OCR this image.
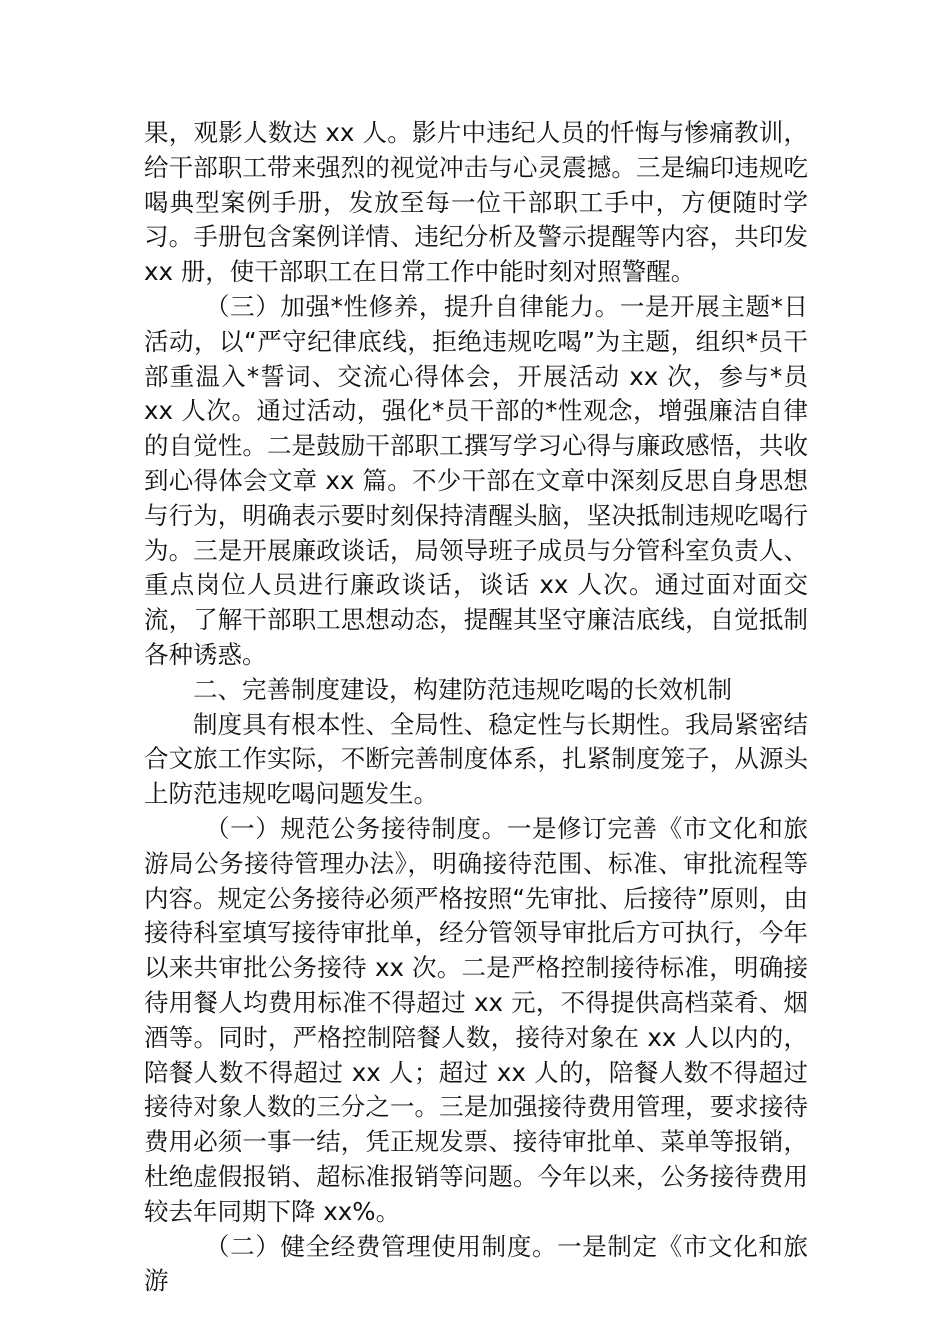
果，观影人数达 xx 人。影片中违纪人员的忏悔与惨痛教训，给干部职工带来强烈的视觉冲击与心灵震撼。三是编印违规吃喝典型案例手册，发放至每一位干部职工手中，方便随时学习。手册包含案例详情、违纪分析及警示提醒等内容，共印发 xx 册，使干部职工在日常工作中能时刻对照警醒。

（三）加强*性修养，提升自律能力。一是开展主题*日活动，以“严守纪律底线，拒绝违规吃喝”为主题，组织*员干部重温入*誓词、交流心得体会，开展活动 xx 次，参与*员 xx 人次。通过活动，强化*员干部的*性观念，增强廉洁自律的自觉性。二是鼓励干部职工撰写学习心得与廉政感悟，共收到心得体会文章 xx 篇。不少干部在文章中深刻反思自身思想与行为，明确表示要时刻保持清醒头脑，坚决抵制违规吃喝行为。三是开展廉政谈话，局领导班子成员与分管科室负责人、重点岗位人员进行廉政谈话，谈话 xx 人次。通过面对面交流，了解干部职工思想动态，提醒其坚守廉洁底线，自觉抵制各种诱惑。

二、完善制度建设，构建防范违规吃喝的长效机制

制度具有根本性、全局性、稳定性与长期性。我局紧密结合文旅工作实际，不断完善制度体系，扎紧制度笼子，从源头上防范违规吃喝问题发生。

（一）规范公务接待制度。一是修订完善《市文化和旅游局公务接待管理办法》，明确接待范围、标准、审批流程等内容。规定公务接待必须严格按照“先审批、后接待”原则，由接待科室填写接待审批单，经分管领导审批后方可执行，今年以来共审批公务接待 xx 次。二是严格控制接待标准，明确接待用餐人均费用标准不得超过 xx 元，不得提供高档菜肴、烟酒等。同时，严格控制陪餐人数，接待对象在 xx 人以内的，陪餐人数不得超过 xx 人；超过 xx 人的，陪餐人数不得超过接待对象人数的三分之一。三是加强接待费用管理，要求接待费用必须一事一结，凭正规发票、接待审批单、菜单等报销，杜绝虚假报销、超标准报销等问题。今年以来，公务接待费用较去年同期下降 xx%。

（二）健全经费管理使用制度。一是制定《市文化和旅游
